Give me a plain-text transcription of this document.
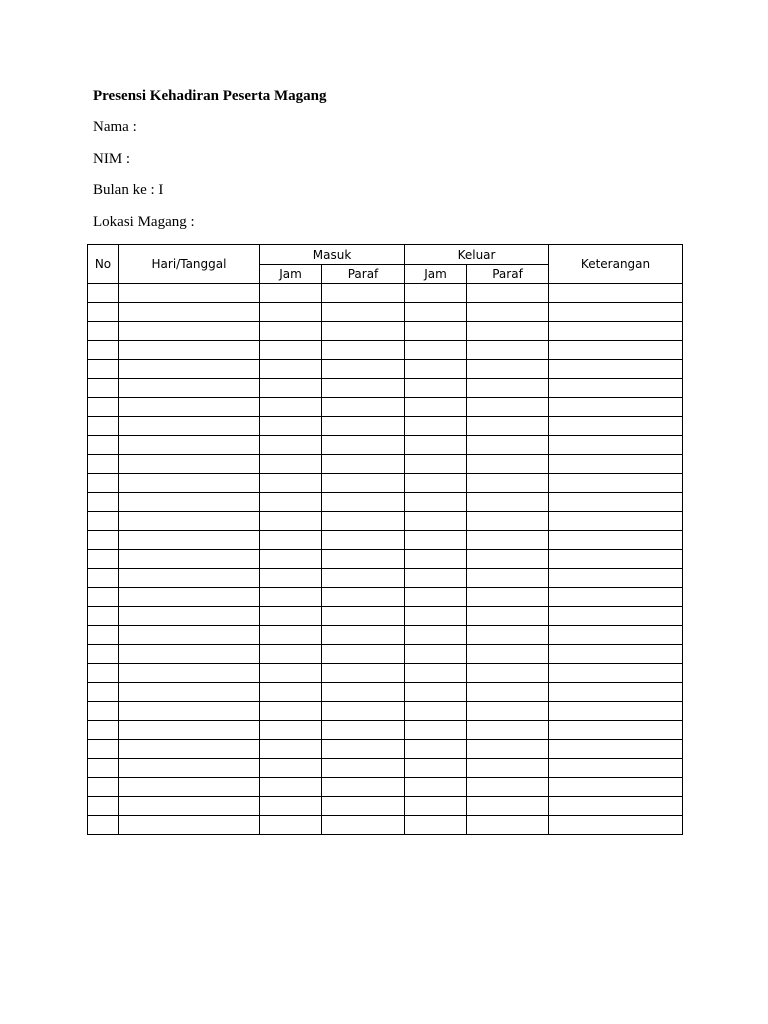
Presensi Kehadiran Peserta Magang
Nama :
NIM :
Bulan ke : I
Lokasi Magang :
No	Hari/Tanggal	Masuk		Keluar		Keterangan
		Jam	Paraf	Jam	Paraf	
